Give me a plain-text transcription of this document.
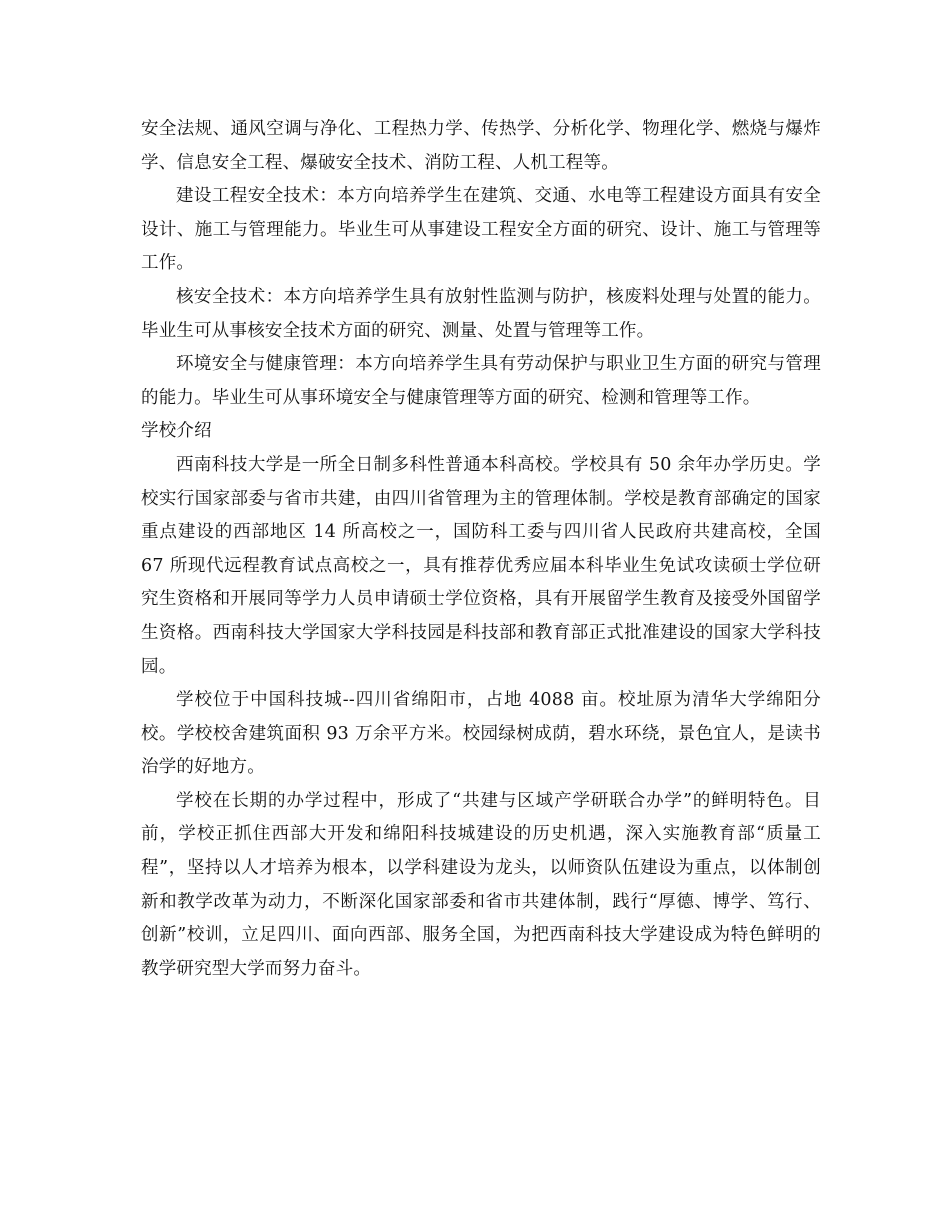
安全法规、通风空调与净化、工程热力学、传热学、分析化学、物理化学、燃烧与爆炸学、信息安全工程、爆破安全技术、消防工程、人机工程等。

建设工程安全技术：本方向培养学生在建筑、交通、水电等工程建设方面具有安全设计、施工与管理能力。毕业生可从事建设工程安全方面的研究、设计、施工与管理等工作。

核安全技术：本方向培养学生具有放射性监测与防护，核废料处理与处置的能力。毕业生可从事核安全技术方面的研究、测量、处置与管理等工作。

环境安全与健康管理：本方向培养学生具有劳动保护与职业卫生方面的研究与管理的能力。毕业生可从事环境安全与健康管理等方面的研究、检测和管理等工作。

学校介绍

西南科技大学是一所全日制多科性普通本科高校。学校具有 50 余年办学历史。学校实行国家部委与省市共建，由四川省管理为主的管理体制。学校是教育部确定的国家重点建设的西部地区 14 所高校之一，国防科工委与四川省人民政府共建高校，全国 67 所现代远程教育试点高校之一，具有推荐优秀应届本科毕业生免试攻读硕士学位研究生资格和开展同等学力人员申请硕士学位资格，具有开展留学生教育及接受外国留学生资格。西南科技大学国家大学科技园是科技部和教育部正式批准建设的国家大学科技园。

学校位于中国科技城--四川省绵阳市，占地 4088 亩。校址原为清华大学绵阳分校。学校校舍建筑面积 93 万余平方米。校园绿树成荫，碧水环绕，景色宜人，是读书治学的好地方。

学校在长期的办学过程中，形成了“共建与区域产学研联合办学”的鲜明特色。目前，学校正抓住西部大开发和绵阳科技城建设的历史机遇，深入实施教育部“质量工程”，坚持以人才培养为根本，以学科建设为龙头，以师资队伍建设为重点，以体制创新和教学改革为动力，不断深化国家部委和省市共建体制，践行“厚德、博学、笃行、创新”校训，立足四川、面向西部、服务全国，为把西南科技大学建设成为特色鲜明的教学研究型大学而努力奋斗。
